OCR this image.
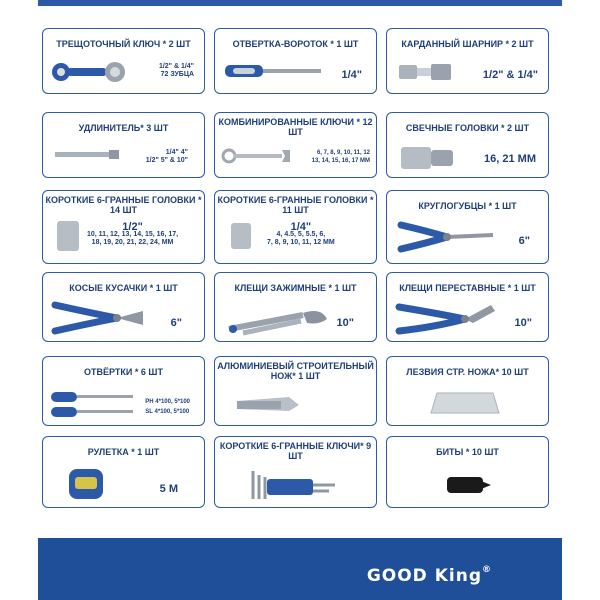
ТРЕЩОТОЧНЫЙ КЛЮЧ * 2 ШТ
1/2" & 1/4"
72 ЗУБЦА
ОТВЕРТКА-ВОРОТОК * 1 ШТ
1/4"
КАРДАННЫЙ ШАРНИР * 2 ШТ
1/2" & 1/4"
УДЛИНИТЕЛЬ* 3 ШТ
1/4" 4"
1/2" 5" & 10"
КОМБИНИРОВАННЫЕ КЛЮЧИ * 12 ШТ
6, 7, 8, 9, 10, 11, 12
13, 14, 15, 16, 17 ММ
СВЕЧНЫЕ ГОЛОВКИ * 2 ШТ
16, 21 ММ
КОРОТКИЕ 6-ГРАННЫЕ ГОЛОВКИ * 14 ШТ
1/2"
10, 11, 12, 13, 14, 15, 16, 17,
18, 19, 20, 21, 22, 24, ММ
КОРОТКИЕ 6-ГРАННЫЕ ГОЛОВКИ * 11 ШТ
1/4"
4, 4.5, 5, 5.5, 6,
7, 8, 9, 10, 11, 12 ММ
КРУГЛОГУБЦЫ * 1 ШТ
6"
КОСЫЕ КУСАЧКИ * 1 ШТ
6"
КЛЕЩИ ЗАЖИМНЫЕ * 1 ШТ
10"
КЛЕЩИ ПЕРЕСТАВНЫЕ * 1 ШТ
10"
ОТВЁРТКИ * 6 ШТ
PH 4*100, 5*100
SL 4*100, 5*100
АЛЮМИНИЕВЫЙ СТРОИТЕЛЬНЫЙ НОЖ* 1 ШТ	ЛЕЗВИЯ СТР. НОЖА* 10 ШТ
РУЛЕТКА * 1 ШТ
5 М
КОРОТКИЕ 6-ГРАННЫЕ КЛЮЧИ* 9 ШТ	БИТЫ * 10 ШТ
GOOD King®
